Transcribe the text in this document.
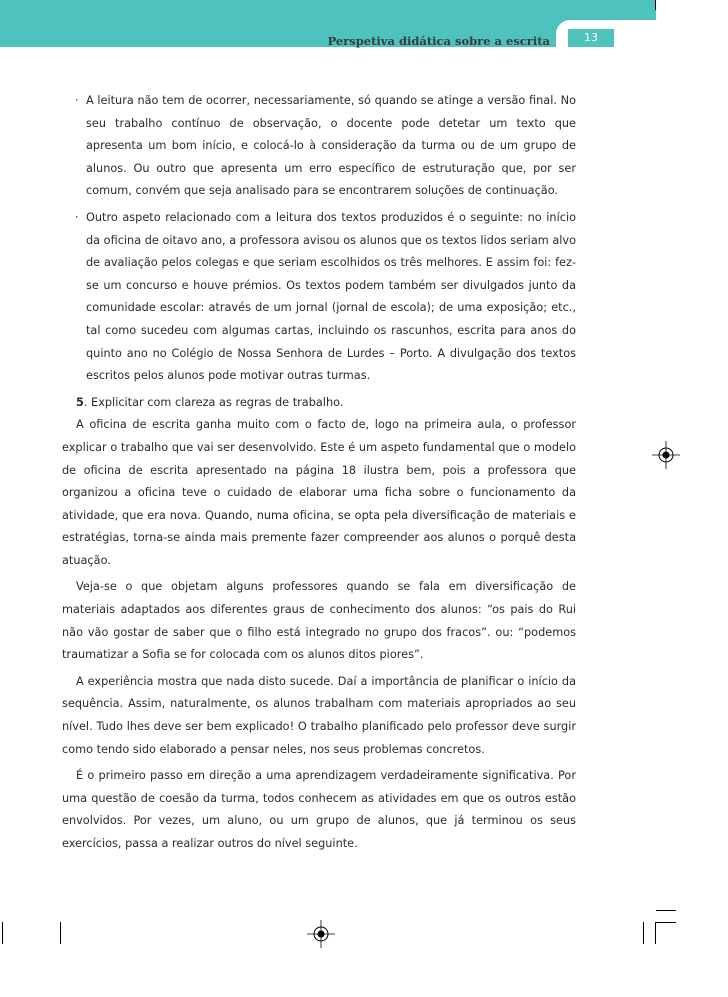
Perspetiva didática sobre a escrita	13
· A leitura não tem de ocorrer, necessariamente, só quando se atinge a versão final. No seu trabalho contínuo de observação, o docente pode detetar um texto que apresenta um bom início, e colocá-lo à consideração da turma ou de um grupo de alunos. Ou outro que apresenta um erro específico de estruturação que, por ser comum, convém que seja analisado para se encontrarem soluções de continuação.
· Outro aspeto relacionado com a leitura dos textos produzidos é o seguinte: no início da oficina de oitavo ano, a professora avisou os alunos que os textos lidos seriam alvo de avaliação pelos colegas e que seriam escolhidos os três melhores. E assim foi: fez-se um concurso e houve prémios. Os textos podem também ser divulgados junto da comunidade escolar: através de um jornal (jornal de escola); de uma exposição; etc., tal como sucedeu com algumas cartas, incluindo os rascunhos, escrita para anos do quinto ano no Colégio de Nossa Senhora de Lurdes – Porto. A divulgação dos textos escritos pelos alunos pode motivar outras turmas.

5. Explicitar com clareza as regras de trabalho.

A oficina de escrita ganha muito com o facto de, logo na primeira aula, o professor explicar o trabalho que vai ser desenvolvido. Este é um aspeto fundamental que o modelo de oficina de escrita apresentado na página 18 ilustra bem, pois a professora que organizou a oficina teve o cuidado de elaborar uma ficha sobre o funcionamento da atividade, que era nova. Quando, numa oficina, se opta pela diversificação de materiais e estratégias, torna-se ainda mais premente fazer compreender aos alunos o porquê desta atuação.

Veja-se o que objetam alguns professores quando se fala em diversificação de materiais adaptados aos diferentes graus de conhecimento dos alunos: “os pais do Rui não vão gostar de saber que o filho está integrado no grupo dos fracos”. ou: “podemos traumatizar a Sofia se for colocada com os alunos ditos piores”.

A experiência mostra que nada disto sucede. Daí a importância de planificar o início da sequência. Assim, naturalmente, os alunos trabalham com materiais apropriados ao seu nível. Tudo lhes deve ser bem explicado! O trabalho planificado pelo professor deve surgir como tendo sido elaborado a pensar neles, nos seus problemas concretos.

É o primeiro passo em direção a uma aprendizagem verdadeiramente significativa. Por uma questão de coesão da turma, todos conhecem as atividades em que os outros estão envolvidos. Por vezes, um aluno, ou um grupo de alunos, que já terminou os seus exercícios, passa a realizar outros do nível seguinte.
